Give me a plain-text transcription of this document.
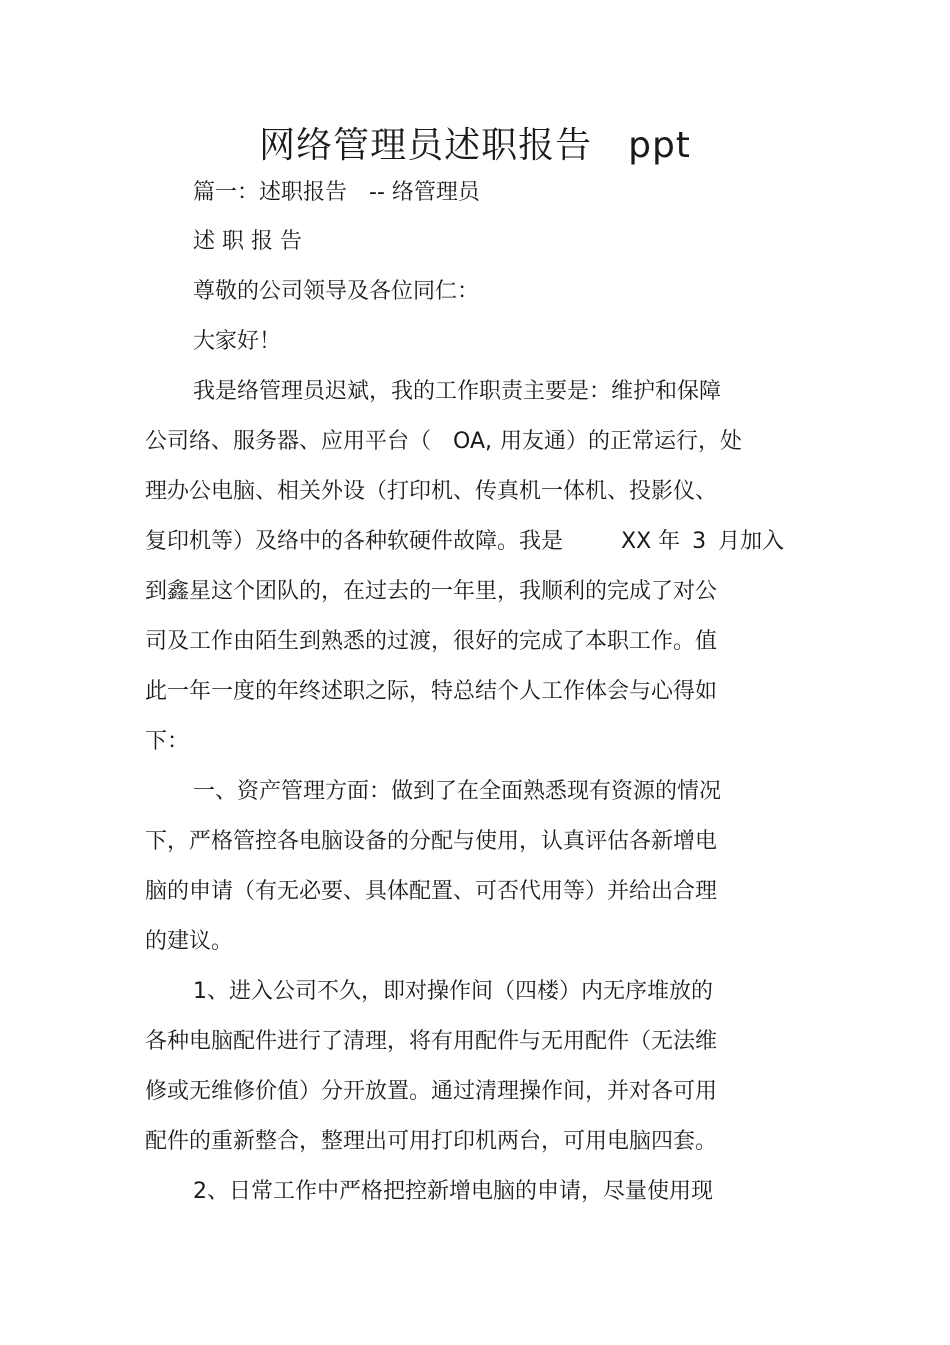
网络管理员述职报告 ppt
篇一：述职报告 -- 络管理员
述 职 报 告
尊敬的公司领导及各位同仁：
大家好！
我是络管理员迟斌，我的工作职责主要是：维护和保障
公司络、服务器、应用平台（ OA, 用友通）的正常运行，处
理办公电脑、相关外设（打印机、传真机一体机、投影仪、
复印机等）及络中的各种软硬件故障。我是	XX 年 3 月加入
到鑫星这个团队的，在过去的一年里，我顺利的完成了对公
司及工作由陌生到熟悉的过渡，很好的完成了本职工作。值
此一年一度的年终述职之际，特总结个人工作体会与心得如
下：
一、资产管理方面：做到了在全面熟悉现有资源的情况
下，严格管控各电脑设备的分配与使用，认真评估各新增电
脑的申请（有无必要、具体配置、可否代用等）并给出合理
的建议。
1、进入公司不久，即对操作间（四楼）内无序堆放的
各种电脑配件进行了清理，将有用配件与无用配件（无法维
修或无维修价值）分开放置。通过清理操作间，并对各可用
配件的重新整合，整理出可用打印机两台，可用电脑四套。
2、日常工作中严格把控新增电脑的申请，尽量使用现
